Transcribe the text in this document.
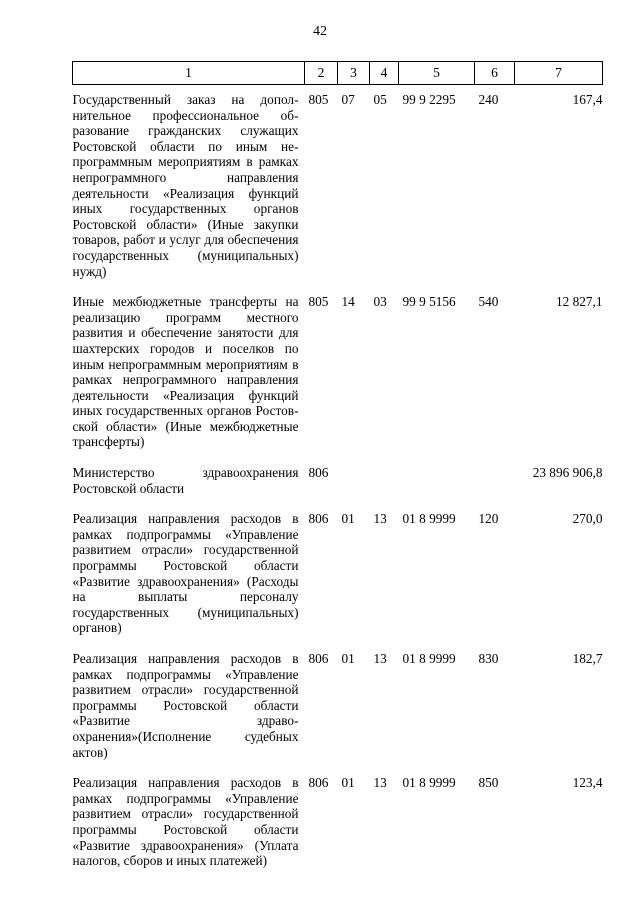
42
1	2	3	4	5	6	7
Государственный заказ на дополнительное профессиональное образование гражданских служащих Ростовской области по иным непрограммным мероприятиям в рамках непрограммного направления деятельности «Реализация функций иных государственных органов Ростовской области» (Иные закупки товаров, работ и услуг для обеспечения государственных (муниципальных) нужд)	805	07	05	99 9 2295	240	167,4
Иные межбюджетные трансферты на реализацию программ местного развития и обеспечение занятости для шахтерских городов и поселков по иным непрограммным мероприятиям в рамках непрограммного направления деятельности «Реализация функций иных государственных органов Ростовской области» (Иные межбюджетные трансферты)	805	14	03	99 9 5156	540	12 827,1
Министерство здравоохранения Ростовской области	806					23 896 906,8
Реализация направления расходов в рамках подпрограммы «Управление развитием отрасли» государственной программы Ростовской области «Развитие здравоохранения» (Расходы на выплаты персоналу государственных (муниципальных) органов)	806	01	13	01 8 9999	120	270,0
Реализация направления расходов в рамках подпрограммы «Управление развитием отрасли» государственной программы Ростовской области «Развитие здравоохранения»(Исполнение судебных актов)	806	01	13	01 8 9999	830	182,7
Реализация направления расходов в рамках подпрограммы «Управление развитием отрасли» государственной программы Ростовской области «Развитие здравоохранения» (Уплата налогов, сборов и иных платежей)	806	01	13	01 8 9999	850	123,4
